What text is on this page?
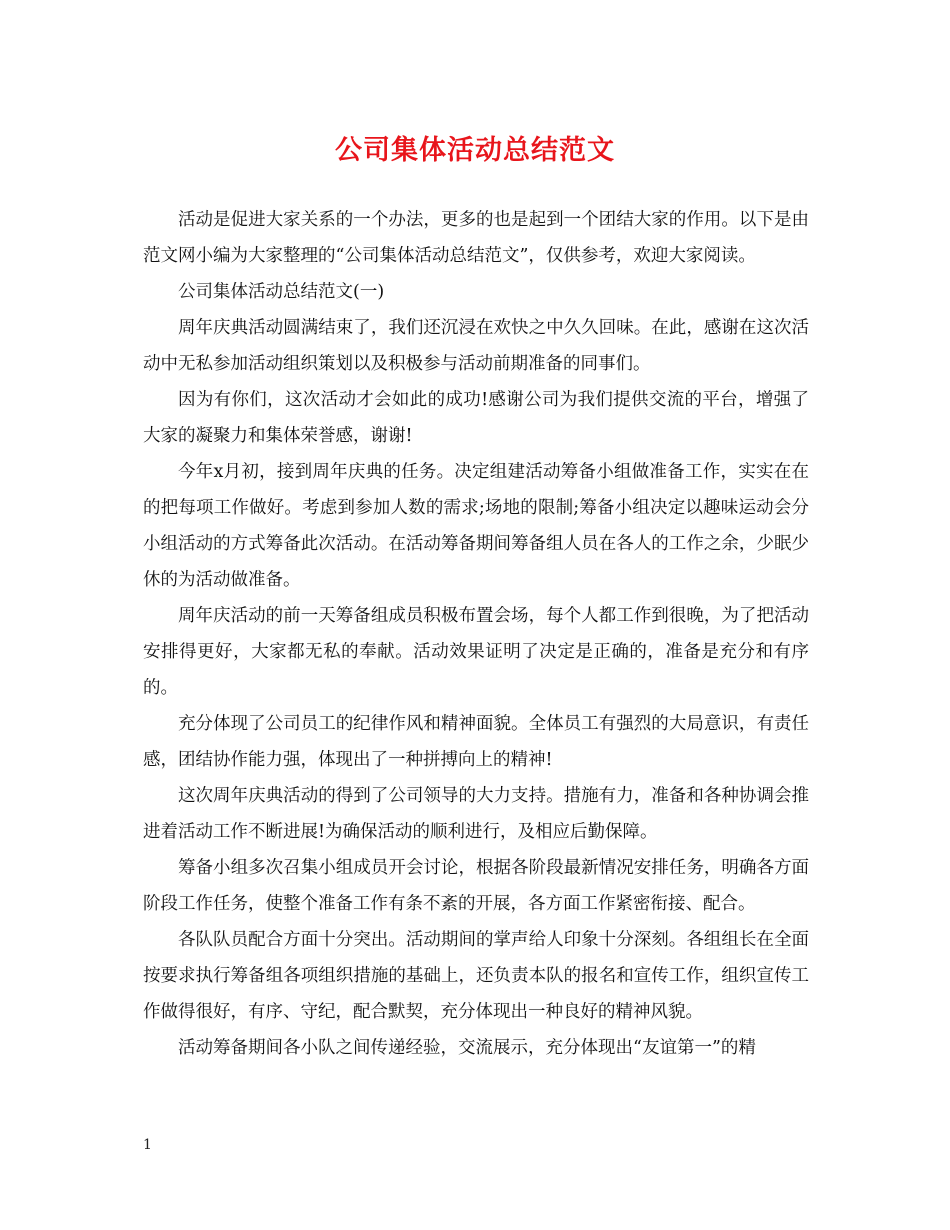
公司集体活动总结范文

活动是促进大家关系的一个办法，更多的也是起到一个团结大家的作用。以下是由范文网小编为大家整理的“公司集体活动总结范文”，仅供参考，欢迎大家阅读。

公司集体活动总结范文(一)

周年庆典活动圆满结束了，我们还沉浸在欢快之中久久回味。在此，感谢在这次活动中无私参加活动组织策划以及积极参与活动前期准备的同事们。

因为有你们，这次活动才会如此的成功!感谢公司为我们提供交流的平台，增强了大家的凝聚力和集体荣誉感，谢谢!

今年x月初，接到周年庆典的任务。决定组建活动筹备小组做准备工作，实实在在的把每项工作做好。考虑到参加人数的需求;场地的限制;筹备小组决定以趣味运动会分小组活动的方式筹备此次活动。在活动筹备期间筹备组人员在各人的工作之余，少眠少休的为活动做准备。

周年庆活动的前一天筹备组成员积极布置会场，每个人都工作到很晚，为了把活动安排得更好，大家都无私的奉献。活动效果证明了决定是正确的，准备是充分和有序的。

充分体现了公司员工的纪律作风和精神面貌。全体员工有强烈的大局意识，有责任感，团结协作能力强，体现出了一种拼搏向上的精神!

这次周年庆典活动的得到了公司领导的大力支持。措施有力，准备和各种协调会推进着活动工作不断进展!为确保活动的顺利进行，及相应后勤保障。

筹备小组多次召集小组成员开会讨论，根据各阶段最新情况安排任务，明确各方面阶段工作任务，使整个准备工作有条不紊的开展，各方面工作紧密衔接、配合。

各队队员配合方面十分突出。活动期间的掌声给人印象十分深刻。各组组长在全面按要求执行筹备组各项组织措施的基础上，还负责本队的报名和宣传工作，组织宣传工作做得很好，有序、守纪，配合默契，充分体现出一种良好的精神风貌。

活动筹备期间各小队之间传递经验，交流展示，充分体现出“友谊第一”的精

1
